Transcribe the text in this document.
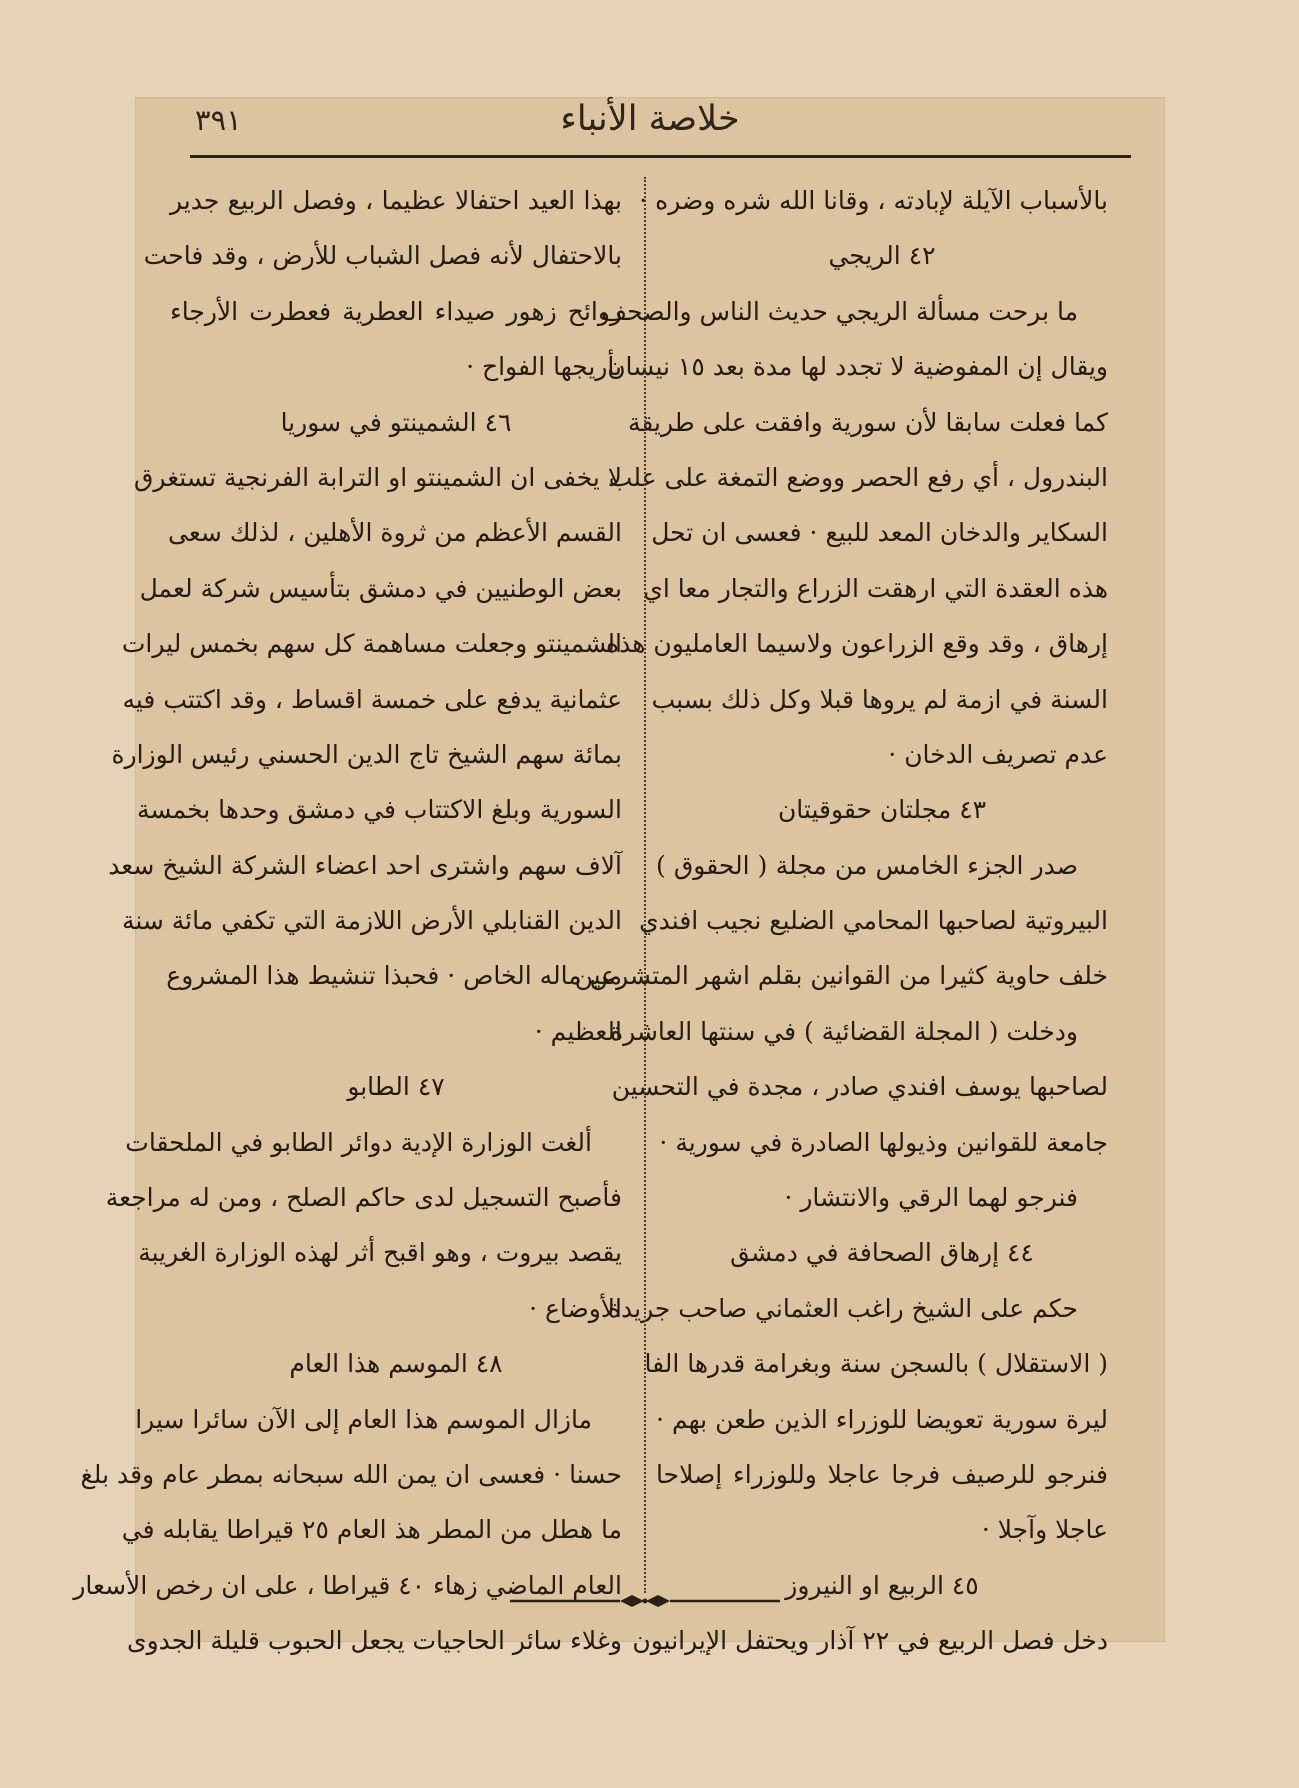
خلاصة الأنباء
٣٩١
بالأسباب الآيلة لإبادته ، وقانا الله شره وضره ·
٤٢ الريجي
ما برحت مسألة الريجي حديث الناس والصحف
ويقال إن المفوضية لا تجدد لها مدة بعد ١٥ نيسان
كما فعلت سابقا لأن سورية وافقت على طريقة
البندرول ، أي رفع الحصر ووضع التمغة على علب
السكاير والدخان المعد للبيع · فعسى ان تحل
هذه العقدة التي ارهقت الزراع والتجار معا اي
إرهاق ، وقد وقع الزراعون ولاسيما العامليون هذه
السنة في ازمة لم يروها قبلا وكل ذلك بسبب
عدم تصريف الدخان ·
٤٣ مجلتان حقوقيتان
صدر الجزء الخامس من مجلة ( الحقوق )
البيروتية لصاحبها المحامي الضليع نجيب افندي
خلف حاوية كثيرا من القوانين بقلم اشهر المتشرعين
ودخلت ( المجلة القضائية ) في سنتها العاشرة
لصاحبها يوسف افندي صادر ، مجدة في التحسين
جامعة للقوانين وذيولها الصادرة في سورية ·
فنرجو لهما الرقي والانتشار ·
٤٤ إرهاق الصحافة في دمشق
حكم على الشيخ راغب العثماني صاحب جريدة
( الاستقلال ) بالسجن سنة وبغرامة قدرها الفا
ليرة سورية تعويضا للوزراء الذين طعن بهم ·
فنرجو للرصيف فرجا عاجلا وللوزراء إصلاحا
عاجلا وآجلا ·
٤٥ الربيع او النيروز
دخل فصل الربيع في ٢٢ آذار ويحتفل الإيرانيون
بهذا العيد احتفالا عظيما ، وفصل الربيع جدير
بالاحتفال لأنه فصل الشباب للأرض ، وقد فاحت
روائح زهور صيداء العطرية فعطرت الأرجاء
بأريجها الفواح ·
٤٦ الشمينتو في سوريا
لا يخفى ان الشمينتو او الترابة الفرنجية تستغرق
القسم الأعظم من ثروة الأهلين ، لذلك سعى
بعض الوطنيين في دمشق بتأسيس شركة لعمل
الشمينتو وجعلت مساهمة كل سهم بخمس ليرات
عثمانية يدفع على خمسة اقساط ، وقد اكتتب فيه
بمائة سهم الشيخ تاج الدين الحسني رئيس الوزارة
السورية وبلغ الاكتتاب في دمشق وحدها بخمسة
آلاف سهم واشترى احد اعضاء الشركة الشيخ سعد
الدين القنابلي الأرض اللازمة التي تكفي مائة سنة
من ماله الخاص · فحبذا تنشيط هذا المشروع
العظيم ·
٤٧ الطابو
ألغت الوزارة الإدية دوائر الطابو في الملحقات
فأصبح التسجيل لدى حاكم الصلح ، ومن له مراجعة
يقصد بيروت ، وهو اقبح أثر لهذه الوزارة الغريبة
الأوضاع ·
٤٨ الموسم هذا العام
مازال الموسم هذا العام إلى الآن سائرا سيرا
حسنا · فعسى ان يمن الله سبحانه بمطر عام وقد بلغ
ما هطل من المطر هذ العام ٢٥ قيراطا يقابله في
العام الماضي زهاء ٤٠ قيراطا ، على ان رخص الأسعار
وغلاء سائر الحاجيات يجعل الحبوب قليلة الجدوى
